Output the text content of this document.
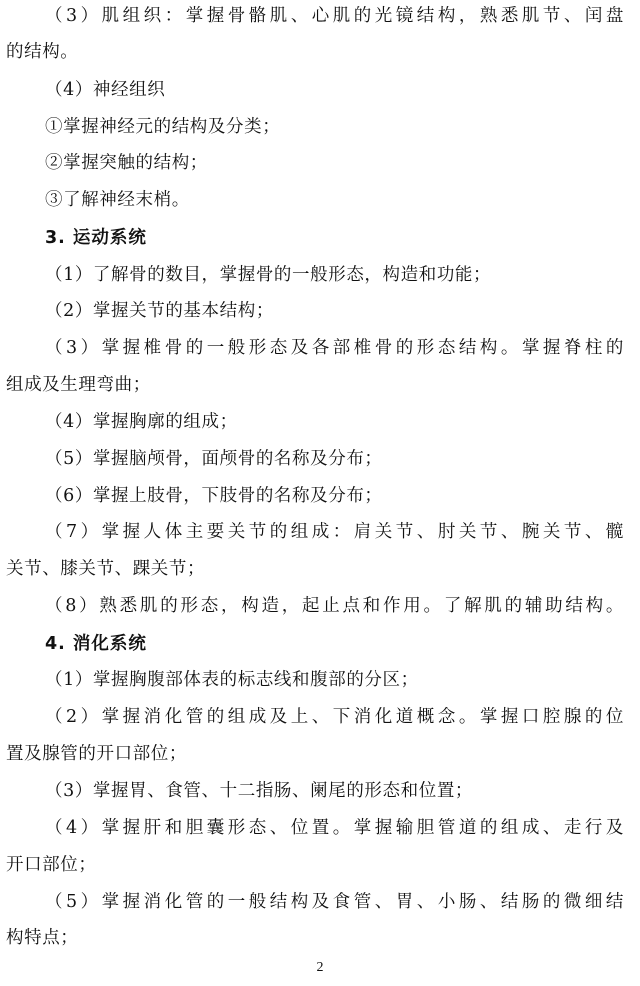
（3）肌组织：掌握骨骼肌、心肌的光镜结构，熟悉肌节、闰盘
的结构。
（4）神经组织
①掌握神经元的结构及分类；
②掌握突触的结构；
③了解神经末梢。
3. 运动系统
（1）了解骨的数目，掌握骨的一般形态，构造和功能；
（2）掌握关节的基本结构；
（3）掌握椎骨的一般形态及各部椎骨的形态结构。掌握脊柱的
组成及生理弯曲；
（4）掌握胸廓的组成；
（5）掌握脑颅骨，面颅骨的名称及分布；
（6）掌握上肢骨，下肢骨的名称及分布；
（7）掌握人体主要关节的组成：肩关节、肘关节、腕关节、髋
关节、膝关节、踝关节；
（8）熟悉肌的形态，构造，起止点和作用。了解肌的辅助结构。
4. 消化系统
（1）掌握胸腹部体表的标志线和腹部的分区；
（2）掌握消化管的组成及上、下消化道概念。掌握口腔腺的位
置及腺管的开口部位；
（3）掌握胃、食管、十二指肠、阑尾的形态和位置；
（4）掌握肝和胆囊形态、位置。掌握输胆管道的组成、走行及
开口部位；
（5）掌握消化管的一般结构及食管、胃、小肠、结肠的微细结
构特点；
2
